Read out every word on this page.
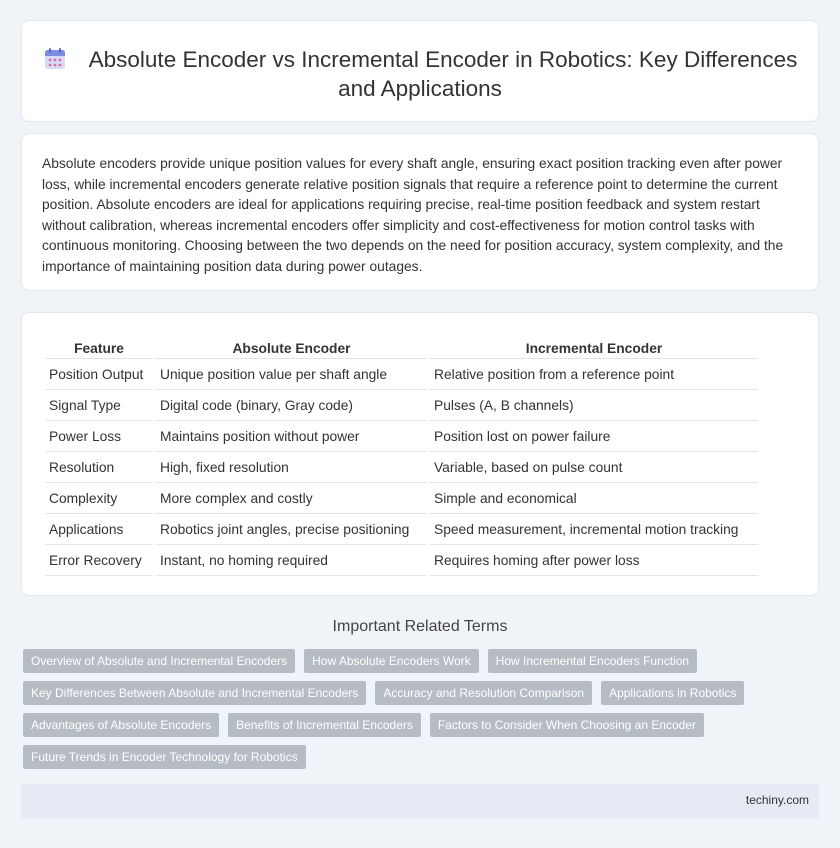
Absolute Encoder vs Incremental Encoder in Robotics: Key Differences and Applications

Absolute encoders provide unique position values for every shaft angle, ensuring exact position tracking even after power loss, while incremental encoders generate relative position signals that require a reference point to determine the current position. Absolute encoders are ideal for applications requiring precise, real-time position feedback and system restart without calibration, whereas incremental encoders offer simplicity and cost-effectiveness for motion control tasks with continuous monitoring. Choosing between the two depends on the need for position accuracy, system complexity, and the importance of maintaining position data during power outages.

Feature	Absolute Encoder	Incremental Encoder
Position Output	Unique position value per shaft angle	Relative position from a reference point
Signal Type	Digital code (binary, Gray code)	Pulses (A, B channels)
Power Loss	Maintains position without power	Position lost on power failure
Resolution	High, fixed resolution	Variable, based on pulse count
Complexity	More complex and costly	Simple and economical
Applications	Robotics joint angles, precise positioning	Speed measurement, incremental motion tracking
Error Recovery	Instant, no homing required	Requires homing after power loss
Important Related Terms
Overview of Absolute and Incremental Encoders How Absolute Encoders Work How Incremental Encoders Function
Key Differences Between Absolute and Incremental Encoders Accuracy and Resolution Comparison Applications in Robotics
Advantages of Absolute Encoders Benefits of Incremental Encoders Factors to Consider When Choosing an Encoder
Future Trends in Encoder Technology for Robotics
techiny.com
